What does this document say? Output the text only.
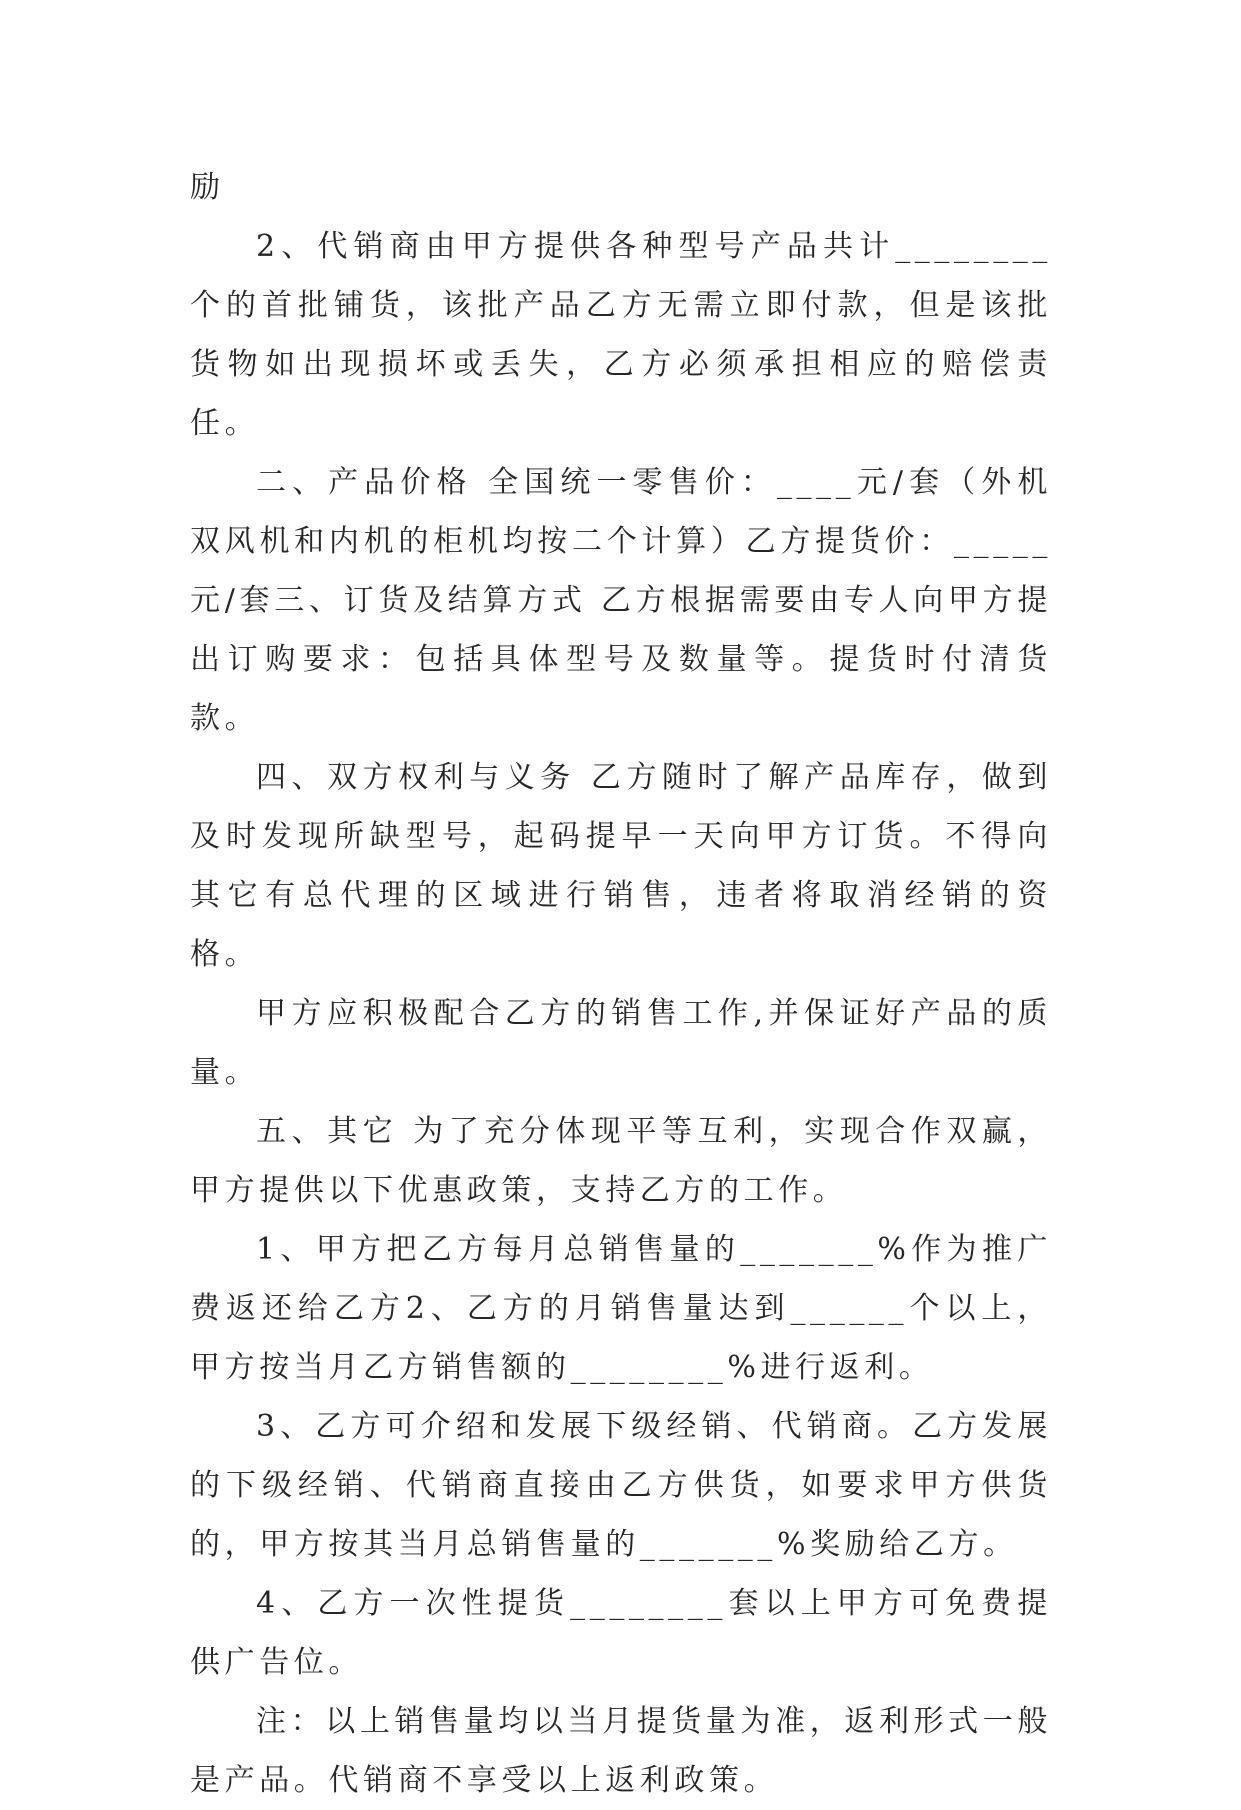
励

2、代销商由甲方提供各种型号产品共计________个的首批铺货，该批产品乙方无需立即付款，但是该批货物如出现损坏或丢失，乙方必须承担相应的赔偿责任。

二、产品价格 全国统一零售价：____元/套（外机双风机和内机的柜机均按二个计算）乙方提货价：_____元/套三、订货及结算方式 乙方根据需要由专人向甲方提出订购要求：包括具体型号及数量等。提货时付清货款。

四、双方权利与义务 乙方随时了解产品库存，做到及时发现所缺型号，起码提早一天向甲方订货。不得向其它有总代理的区域进行销售，违者将取消经销的资格。

甲方应积极配合乙方的销售工作,并保证好产品的质量。

五、其它 为了充分体现平等互利，实现合作双赢，甲方提供以下优惠政策，支持乙方的工作。

1、甲方把乙方每月总销售量的_______%作为推广费返还给乙方2、乙方的月销售量达到______个以上，甲方按当月乙方销售额的________%进行返利。

3、乙方可介绍和发展下级经销、代销商。乙方发展的下级经销、代销商直接由乙方供货，如要求甲方供货的，甲方按其当月总销售量的_______%奖励给乙方。

4、乙方一次性提货________套以上甲方可免费提供广告位。

注：以上销售量均以当月提货量为准，返利形式一般是产品。代销商不享受以上返利政策。
